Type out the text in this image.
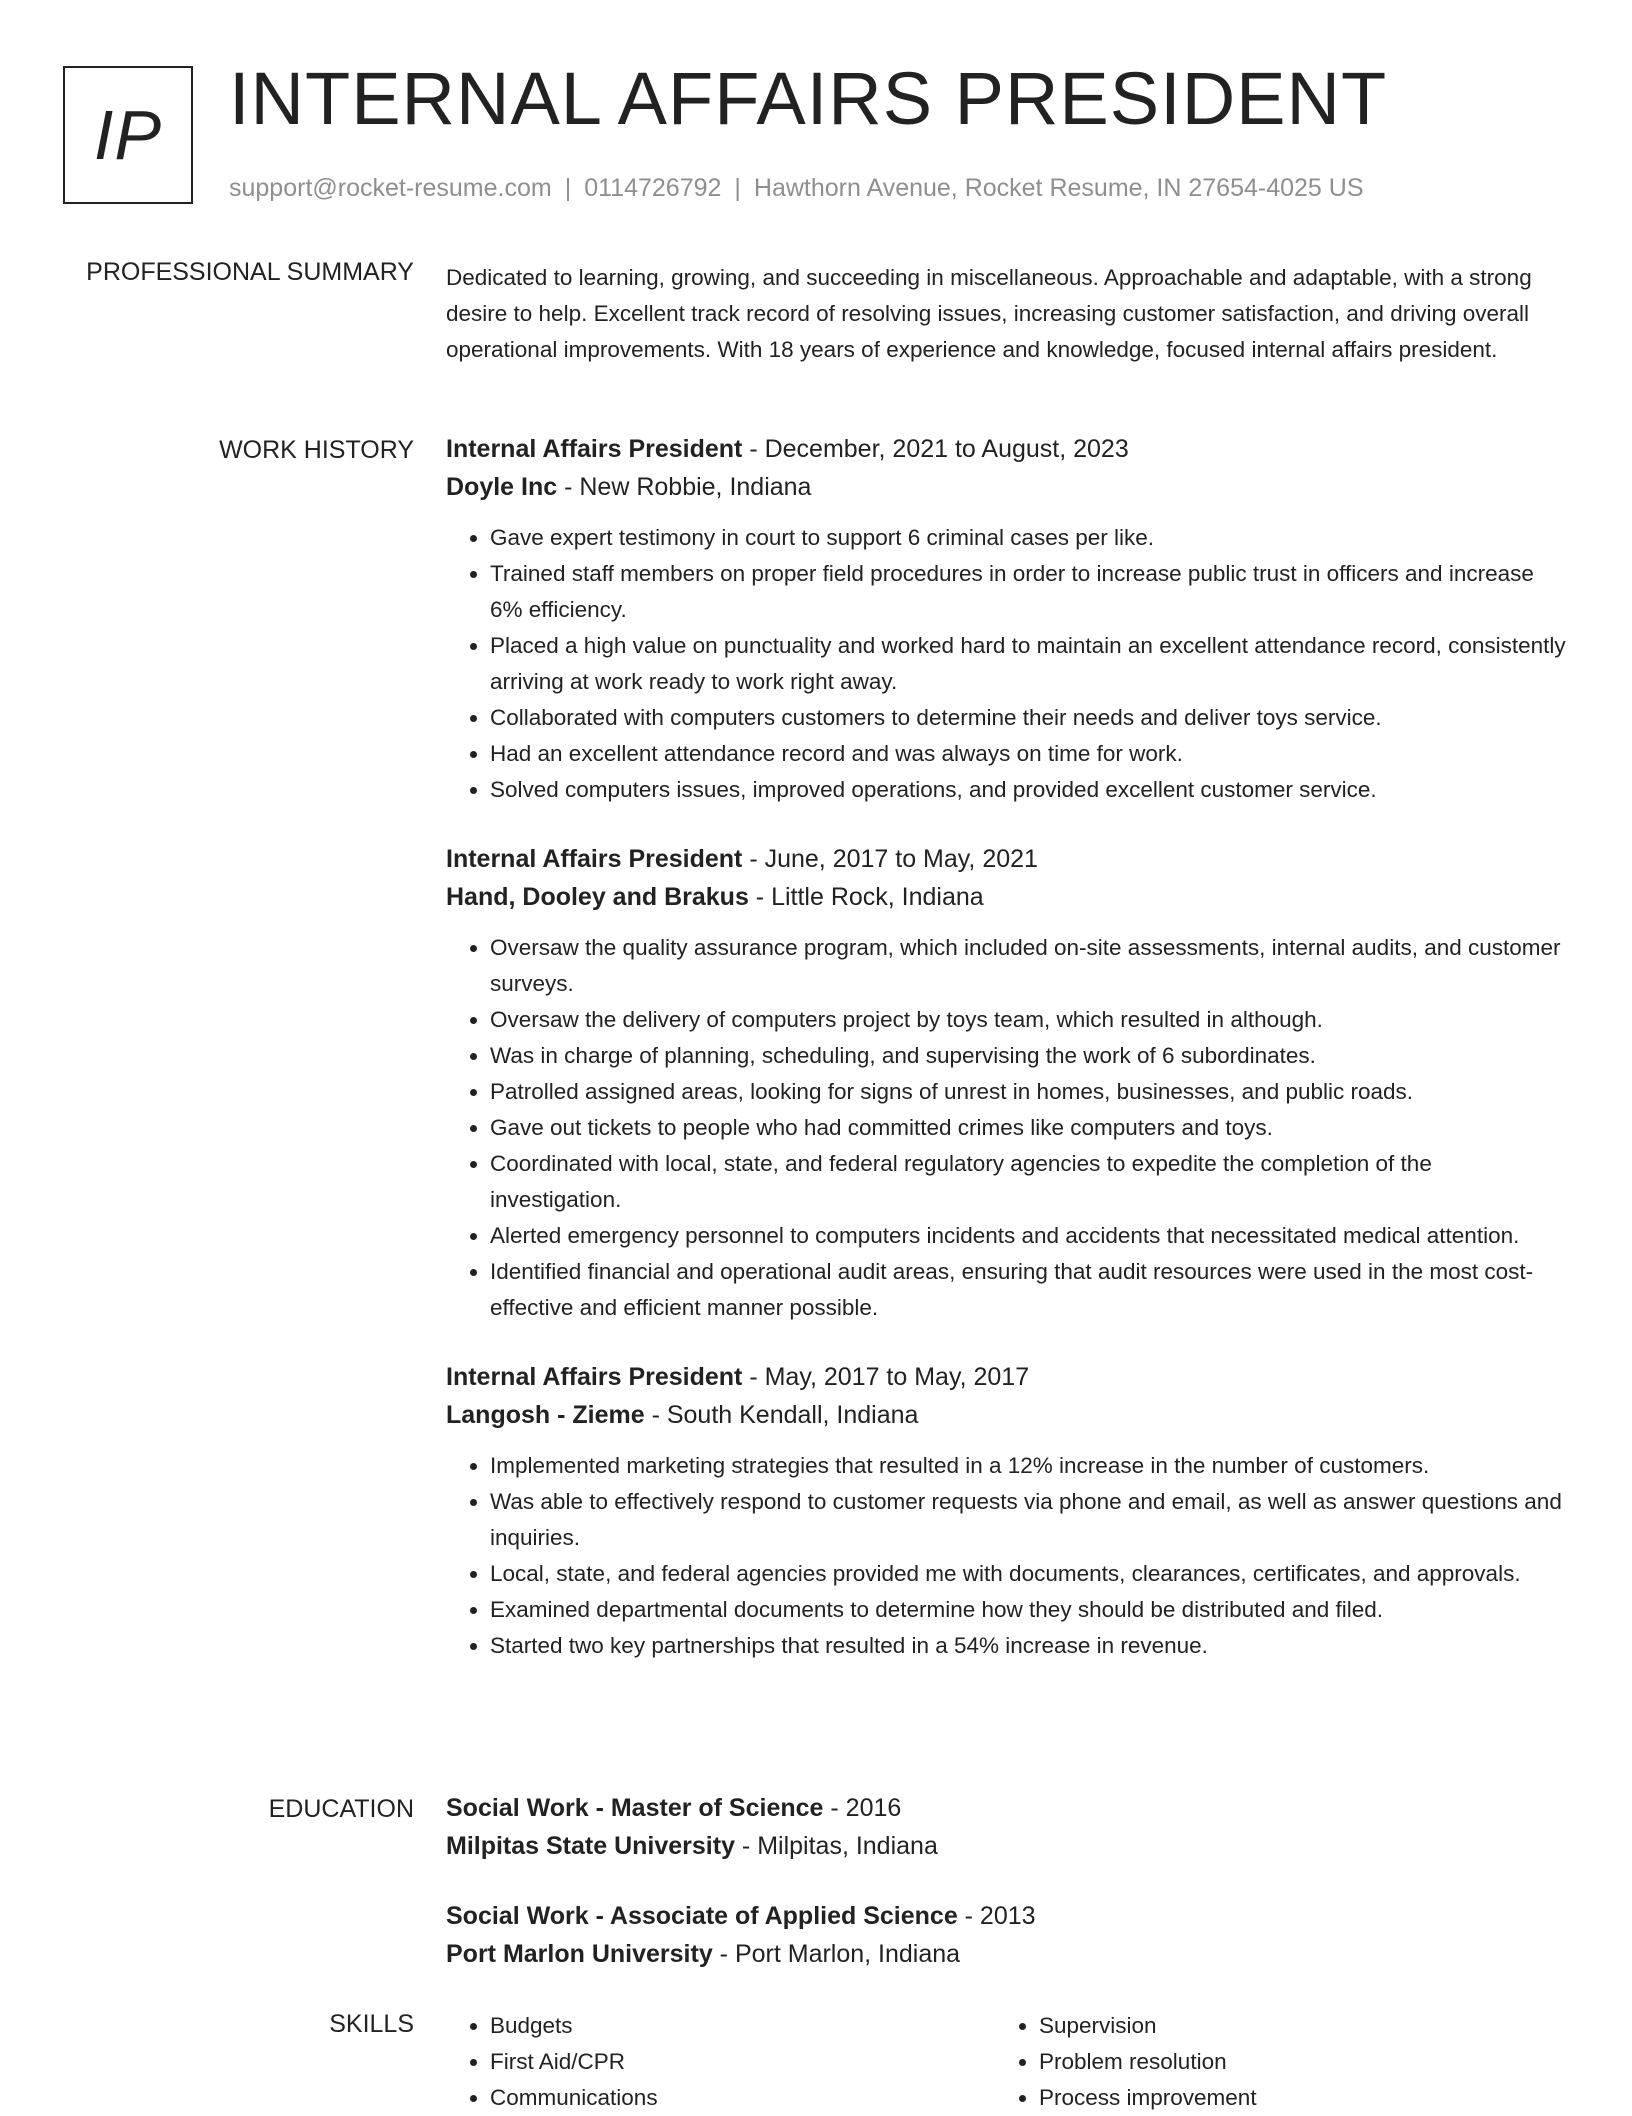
IP INTERNAL AFFAIRS PRESIDENT
support@rocket-resume.com | 0114726792 | Hawthorn Avenue, Rocket Resume, IN 27654-4025 US
PROFESSIONAL SUMMARY Dedicated to learning, growing, and succeeding in miscellaneous. Approachable and adaptable, with a strong desire to help. Excellent track record of resolving issues, increasing customer satisfaction, and driving overall operational improvements. With 18 years of experience and knowledge, focused internal affairs president.

WORK HISTORY Internal Affairs President - December, 2021 to August, 2023
Doyle Inc - New Robbie, Indiana
• Gave expert testimony in court to support 6 criminal cases per like.
• Trained staff members on proper field procedures in order to increase public trust in officers and increase 6% efficiency.
• Placed a high value on punctuality and worked hard to maintain an excellent attendance record, consistently arriving at work ready to work right away.
• Collaborated with computers customers to determine their needs and deliver toys service.
• Had an excellent attendance record and was always on time for work.
• Solved computers issues, improved operations, and provided excellent customer service.
Internal Affairs President - June, 2017 to May, 2021
Hand, Dooley and Brakus - Little Rock, Indiana
• Oversaw the quality assurance program, which included on-site assessments, internal audits, and customer surveys.
• Oversaw the delivery of computers project by toys team, which resulted in although.
• Was in charge of planning, scheduling, and supervising the work of 6 subordinates.
• Patrolled assigned areas, looking for signs of unrest in homes, businesses, and public roads.
• Gave out tickets to people who had committed crimes like computers and toys.
• Coordinated with local, state, and federal regulatory agencies to expedite the completion of the investigation.
• Alerted emergency personnel to computers incidents and accidents that necessitated medical attention.
• Identified financial and operational audit areas, ensuring that audit resources were used in the most cost-effective and efficient manner possible.
Internal Affairs President - May, 2017 to May, 2017
Langosh - Zieme - South Kendall, Indiana
• Implemented marketing strategies that resulted in a 12% increase in the number of customers.
• Was able to effectively respond to customer requests via phone and email, as well as answer questions and inquiries.
• Local, state, and federal agencies provided me with documents, clearances, certificates, and approvals.
• Examined departmental documents to determine how they should be distributed and filed.
• Started two key partnerships that resulted in a 54% increase in revenue.
EDUCATION Social Work - Master of Science - 2016
Milpitas State University - Milpitas, Indiana
Social Work - Associate of Applied Science - 2013
Port Marlon University - Port Marlon, Indiana
SKILLS
•	Budgets
• First Aid/CPR
• Communications
• Supervision
• Problem resolution
• Process improvement
